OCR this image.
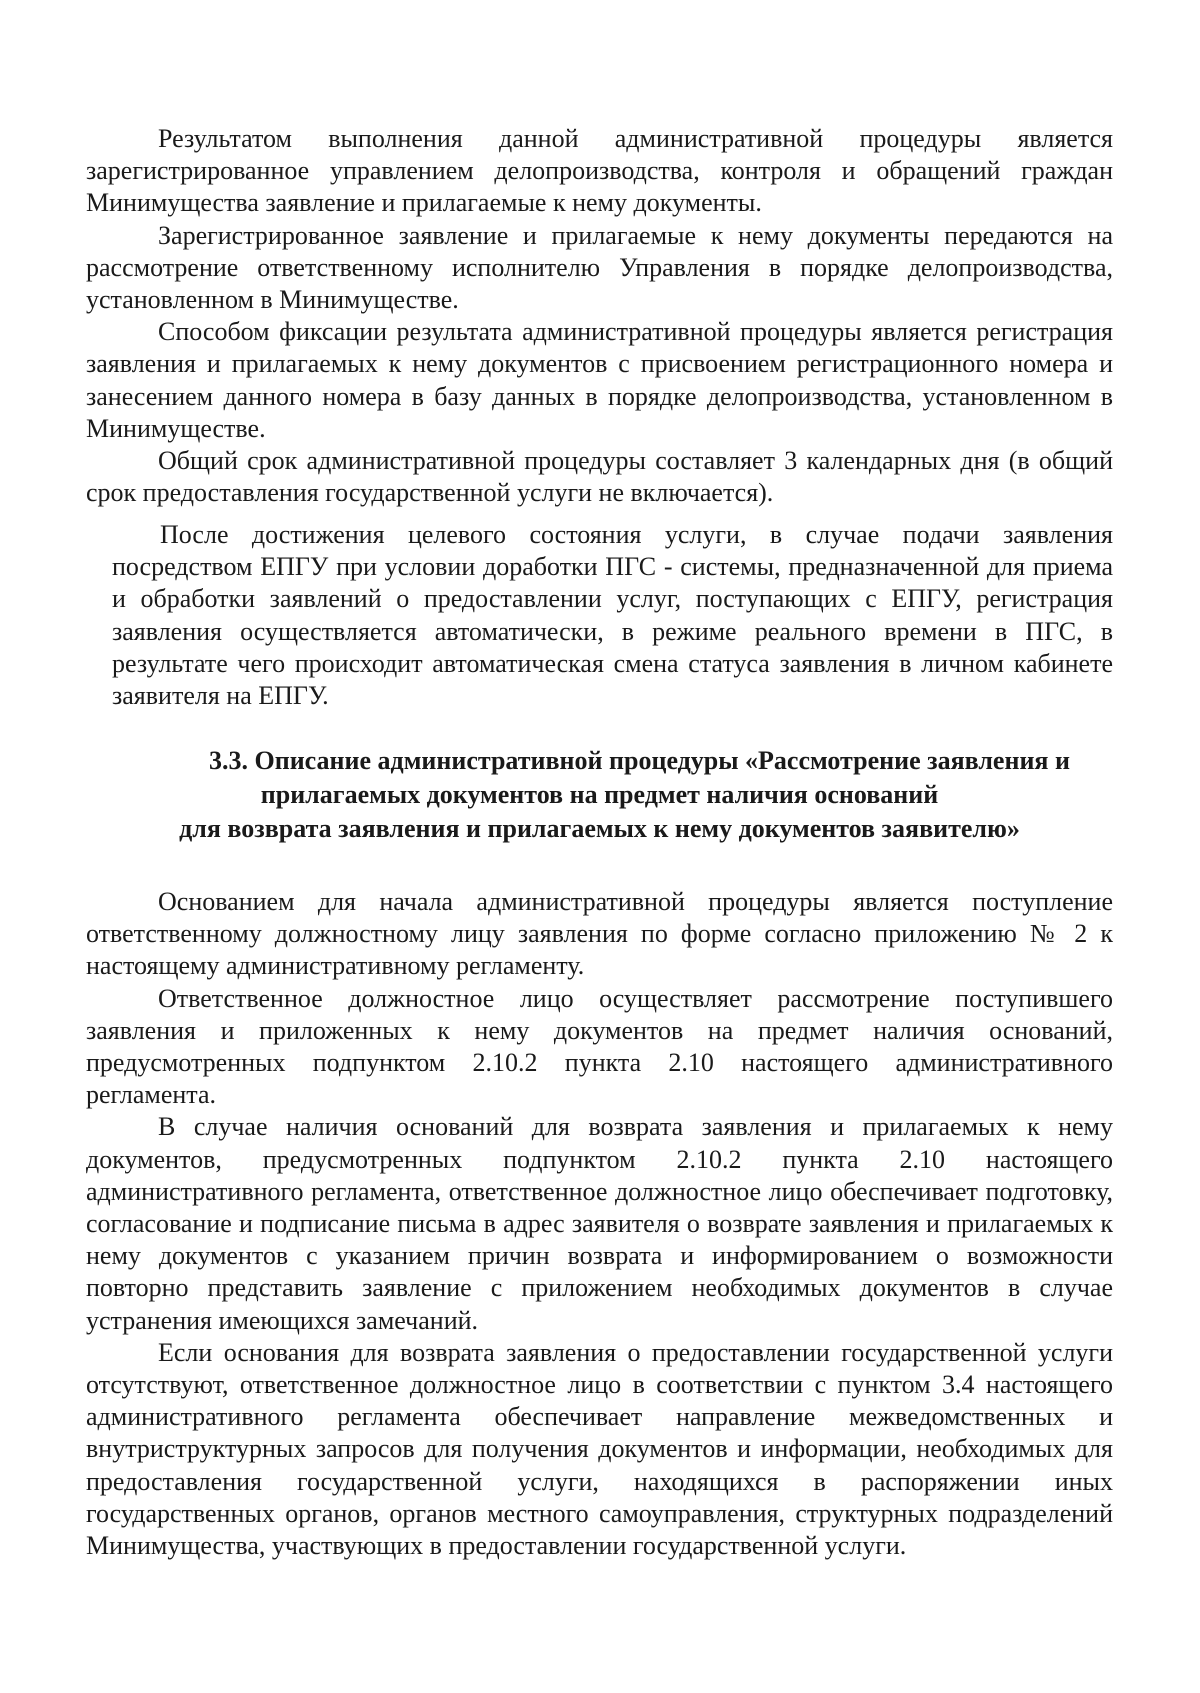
Результатом выполнения данной административной процедуры является зарегистрированное управлением делопроизводства, контроля и обращений граждан Минимущества заявление и прилагаемые к нему документы.

Зарегистрированное заявление и прилагаемые к нему документы передаются на рассмотрение ответственному исполнителю Управления в порядке делопроизводства, установленном в Минимуществе.

Способом фиксации результата административной процедуры является регистрация заявления и прилагаемых к нему документов с присвоением регистрационного номера и занесением данного номера в базу данных в порядке делопроизводства, установленном в Минимуществе.

Общий срок административной процедуры составляет 3 календарных дня (в общий срок предоставления государственной услуги не включается).

После достижения целевого состояния услуги, в случае подачи заявления посредством ЕПГУ при условии доработки ПГС - системы, предназначенной для приема и обработки заявлений о предоставлении услуг, поступающих с ЕПГУ, регистрация заявления осуществляется автоматически, в режиме реального времени в ПГС, в результате чего происходит автоматическая смена статуса заявления в личном кабинете заявителя на ЕПГУ.

3.3. Описание административной процедуры «Рассмотрение заявления и
прилагаемых документов на предмет наличия оснований
для возврата заявления и прилагаемых к нему документов заявителю»

Основанием для начала административной процедуры является поступление ответственному должностному лицу заявления по форме согласно приложению № 2 к настоящему административному регламенту.

Ответственное должностное лицо осуществляет рассмотрение поступившего заявления и приложенных к нему документов на предмет наличия оснований, предусмотренных подпунктом 2.10.2 пункта 2.10 настоящего административного регламента.

В случае наличия оснований для возврата заявления и прилагаемых к нему документов, предусмотренных подпунктом 2.10.2 пункта 2.10 настоящего административного регламента, ответственное должностное лицо обеспечивает подготовку, согласование и подписание письма в адрес заявителя о возврате заявления и прилагаемых к нему документов с указанием причин возврата и информированием о возможности повторно представить заявление с приложением необходимых документов в случае устранения имеющихся замечаний.

Если основания для возврата заявления о предоставлении государственной услуги отсутствуют, ответственное должностное лицо в соответствии с пунктом 3.4 настоящего административного регламента обеспечивает направление межведомственных и внутриструктурных запросов для получения документов и информации, необходимых для предоставления государственной услуги, находящихся в распоряжении иных государственных органов, органов местного самоуправления, структурных подразделений Минимущества, участвующих в предоставлении государственной услуги.
